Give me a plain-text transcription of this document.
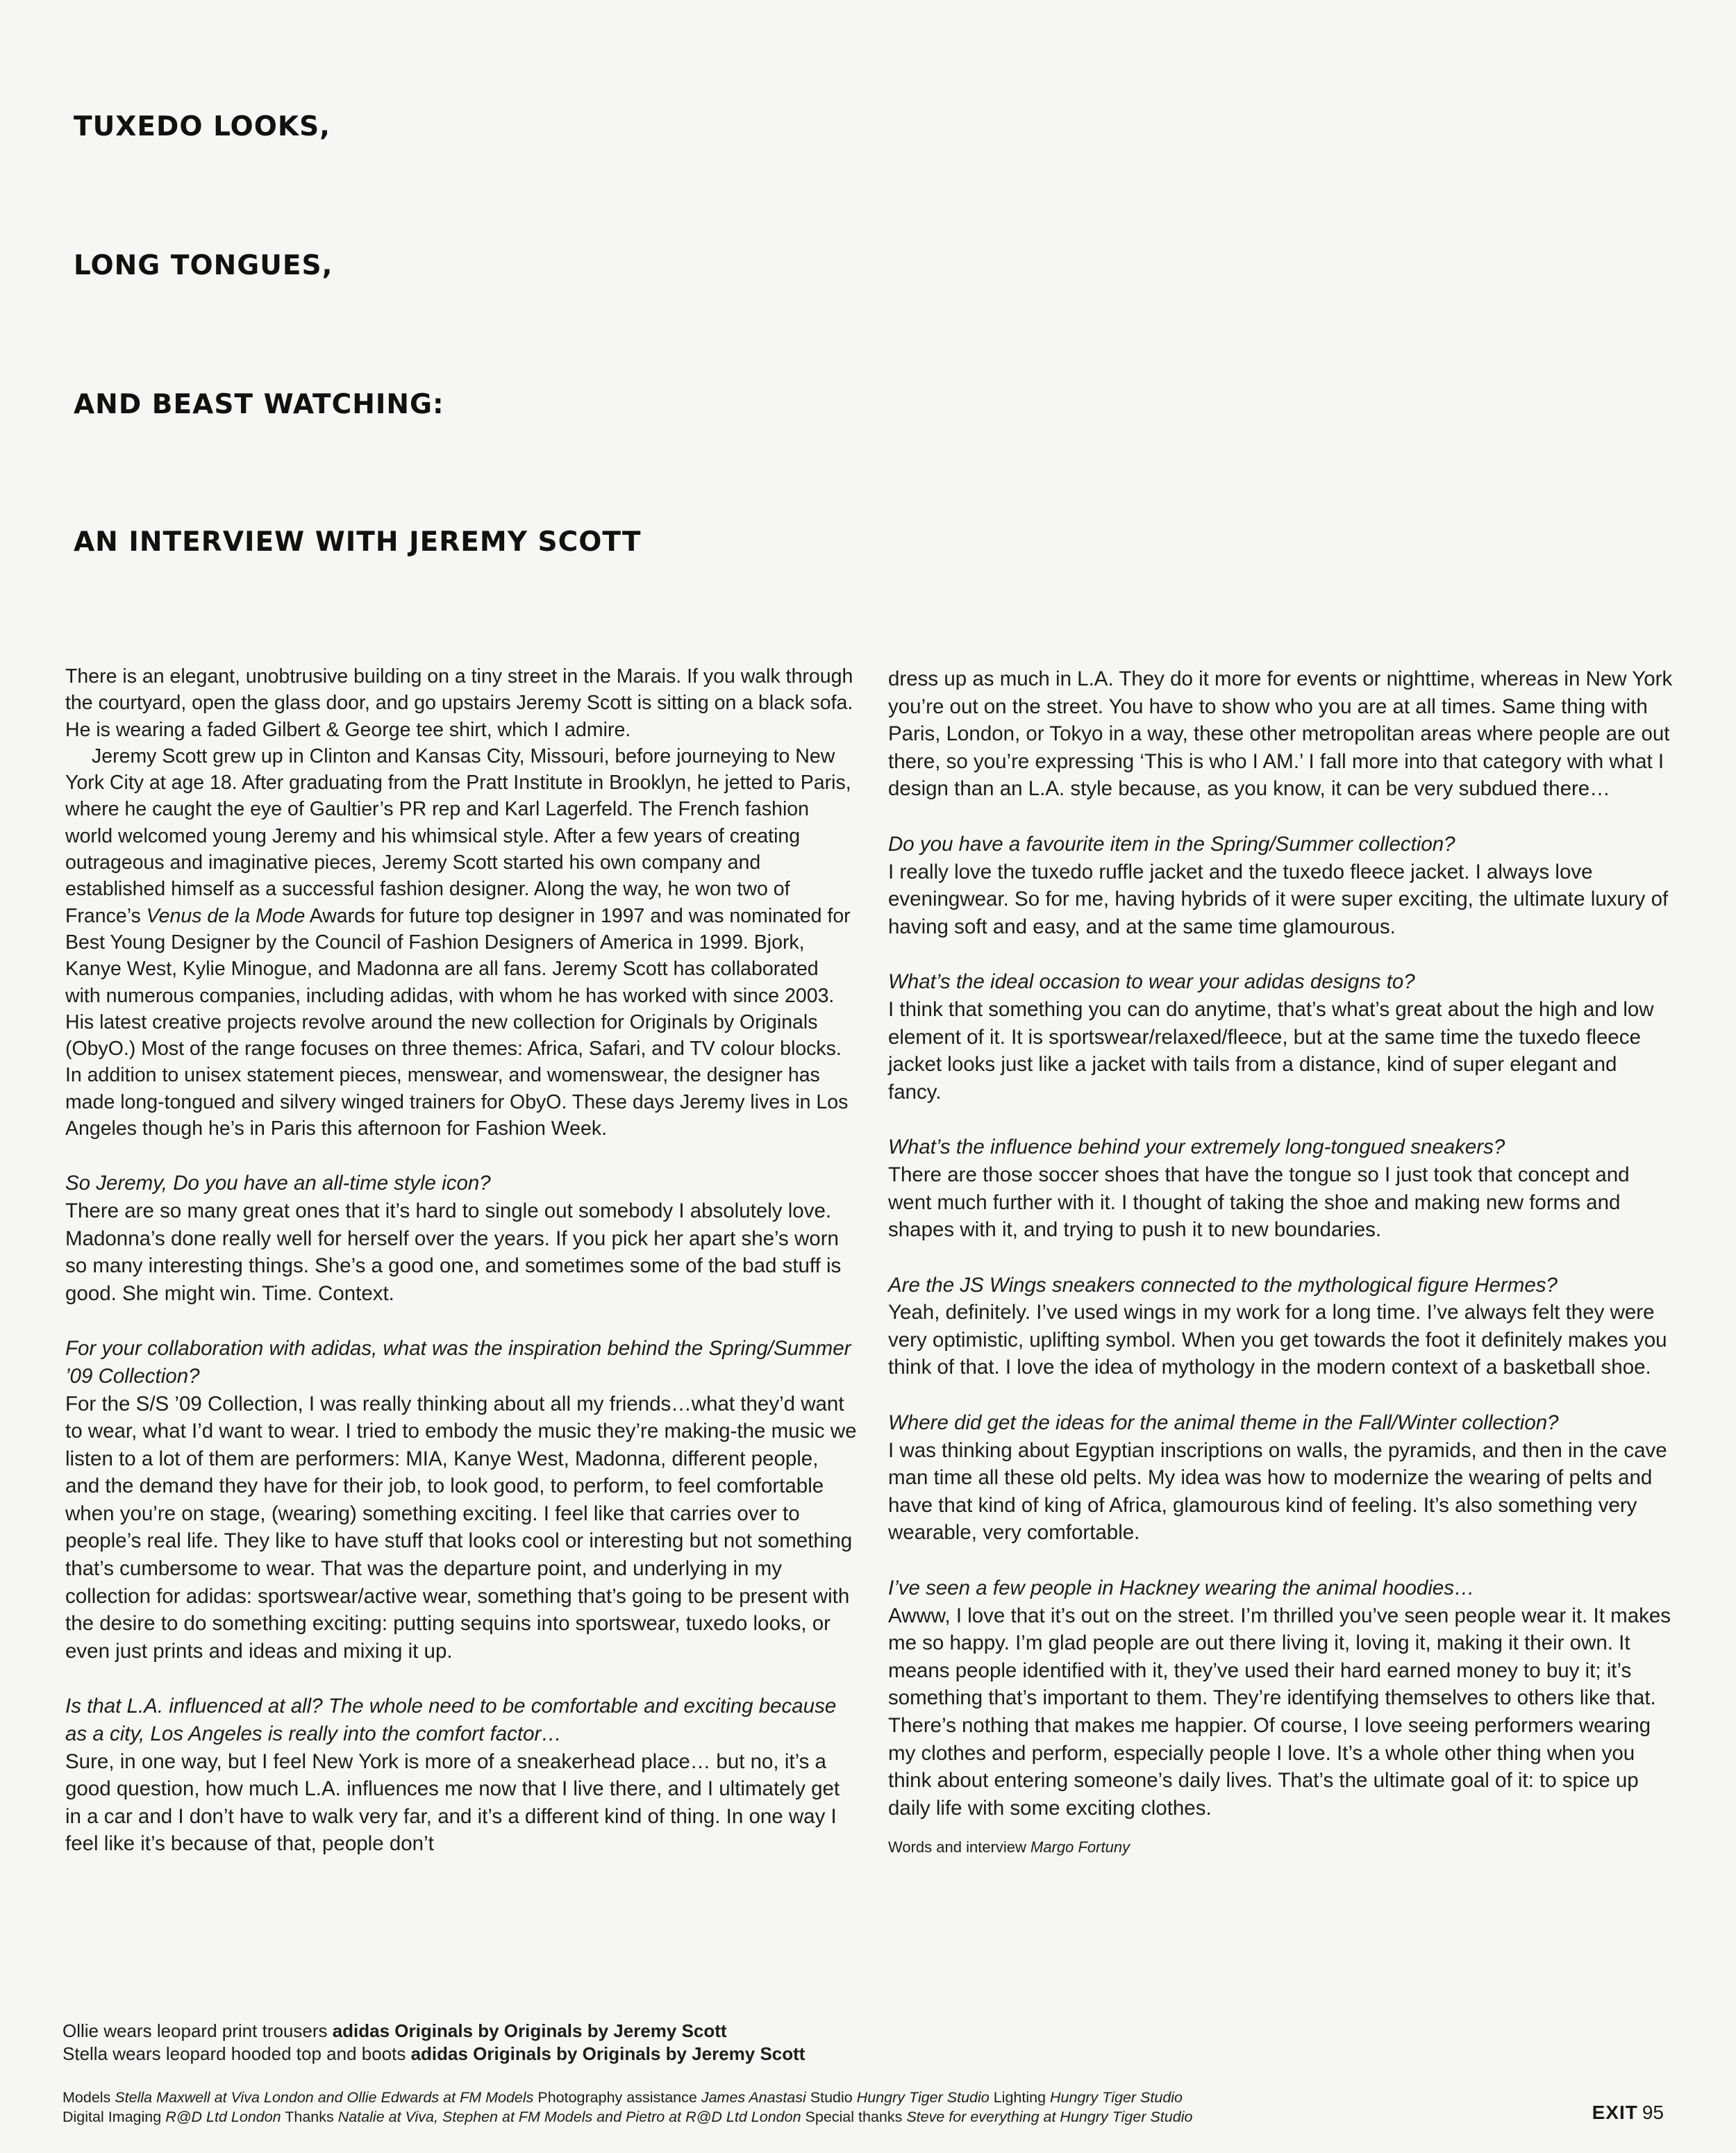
TUXEDO LOOKS,
LONG TONGUES,
AND BEAST WATCHING:
AN INTERVIEW WITH JEREMY SCOTT

There is an elegant, unobtrusive building on a tiny street in the Marais. If you walk through the courtyard, open the glass door, and go upstairs Jeremy Scott is sitting on a black sofa. He is wearing a faded Gilbert & George tee shirt, which I admire.

Jeremy Scott grew up in Clinton and Kansas City, Missouri, before journeying to New York City at age 18. After graduating from the Pratt Institute in Brooklyn, he jetted to Paris, where he caught the eye of Gaultier’s PR rep and Karl Lagerfeld. The French fashion world welcomed young Jeremy and his whimsical style. After a few years of creating outrageous and imaginative pieces, Jeremy Scott started his own company and established himself as a successful fashion designer. Along the way, he won two of France’s Venus de la Mode Awards for future top designer in 1997 and was nominated for Best Young Designer by the Council of Fashion Designers of America in 1999. Bjork, Kanye West, Kylie Minogue, and Madonna are all fans. Jeremy Scott has collaborated with numerous companies, including adidas, with whom he has worked with since 2003. His latest creative projects revolve around the new collection for Originals by Originals (ObyO.) Most of the range focuses on three themes: Africa, Safari, and TV colour blocks. In addition to unisex statement pieces, menswear, and womenswear, the designer has made long-tongued and silvery winged trainers for ObyO. These days Jeremy lives in Los Angeles though he’s in Paris this afternoon for Fashion Week.

So Jeremy, Do you have an all-time style icon?

There are so many great ones that it’s hard to single out somebody I absolutely love. Madonna’s done really well for herself over the years. If you pick her apart she’s worn so many interesting things. She’s a good one, and sometimes some of the bad stuff is good. She might win. Time. Context.

For your collaboration with adidas, what was the inspiration behind the Spring/Summer ’09 Collection?

For the S/S ’09 Collection, I was really thinking about all my friends…what they’d want to wear, what I’d want to wear. I tried to embody the music they’re making-the music we listen to a lot of them are performers: MIA, Kanye West, Madonna, different people, and the demand they have for their job, to look good, to perform, to feel comfortable when you’re on stage, (wearing) something exciting. I feel like that carries over to people’s real life. They like to have stuff that looks cool or interesting but not something that’s cumbersome to wear. That was the departure point, and underlying in my collection for adidas: sportswear/active wear, something that’s going to be present with the desire to do something exciting: putting sequins into sportswear, tuxedo looks, or even just prints and ideas and mixing it up.

Is that L.A. influenced at all? The whole need to be comfortable and exciting because as a city, Los Angeles is really into the comfort factor…

Sure, in one way, but I feel New York is more of a sneakerhead place… but no, it’s a good question, how much L.A. influences me now that I live there, and I ultimately get in a car and I don’t have to walk very far, and it’s a different kind of thing. In one way I feel like it’s because of that, people don’t

dress up as much in L.A. They do it more for events or nighttime, whereas in New York you’re out on the street. You have to show who you are at all times. Same thing with Paris, London, or Tokyo in a way, these other metropolitan areas where people are out there, so you’re expressing ‘This is who I AM.’ I fall more into that category with what I design than an L.A. style because, as you know, it can be very subdued there…

Do you have a favourite item in the Spring/Summer collection?

I really love the tuxedo ruffle jacket and the tuxedo fleece jacket. I always love eveningwear. So for me, having hybrids of it were super exciting, the ultimate luxury of having soft and easy, and at the same time glamourous.

What’s the ideal occasion to wear your adidas designs to?

I think that something you can do anytime, that’s what’s great about the high and low element of it. It is sportswear/relaxed/fleece, but at the same time the tuxedo fleece jacket looks just like a jacket with tails from a distance, kind of super elegant and fancy.

What’s the influence behind your extremely long-tongued sneakers?

There are those soccer shoes that have the tongue so I just took that concept and went much further with it. I thought of taking the shoe and making new forms and shapes with it, and trying to push it to new boundaries.

Are the JS Wings sneakers connected to the mythological figure Hermes?

Yeah, definitely. I’ve used wings in my work for a long time. I’ve always felt they were very optimistic, uplifting symbol. When you get towards the foot it definitely makes you think of that. I love the idea of mythology in the modern context of a basketball shoe.

Where did get the ideas for the animal theme in the Fall/Winter collection?

I was thinking about Egyptian inscriptions on walls, the pyramids, and then in the cave man time all these old pelts. My idea was how to modernize the wearing of pelts and have that kind of king of Africa, glamourous kind of feeling. It’s also something very wearable, very comfortable.

I’ve seen a few people in Hackney wearing the animal hoodies…

Awww, I love that it’s out on the street. I’m thrilled you’ve seen people wear it. It makes me so happy. I’m glad people are out there living it, loving it, making it their own. It means people identified with it, they’ve used their hard earned money to buy it; it’s something that’s important to them. They’re identifying themselves to others like that. There’s nothing that makes me happier. Of course, I love seeing performers wearing my clothes and perform, especially people I love. It’s a whole other thing when you think about entering someone’s daily lives. That’s the ultimate goal of it: to spice up daily life with some exciting clothes.

Words and interview Margo Fortuny

Ollie wears leopard print trousers adidas Originals by Originals by Jeremy Scott
Stella wears leopard hooded top and boots adidas Originals by Originals by Jeremy Scott
Models Stella Maxwell at Viva London and Ollie Edwards at FM Models Photography assistance James Anastasi Studio Hungry Tiger Studio Lighting Hungry Tiger Studio
Digital Imaging R@D Ltd London Thanks Natalie at Viva, Stephen at FM Models and Pietro at R@D Ltd London Special thanks Steve for everything at Hungry Tiger Studio	EXIT 95
